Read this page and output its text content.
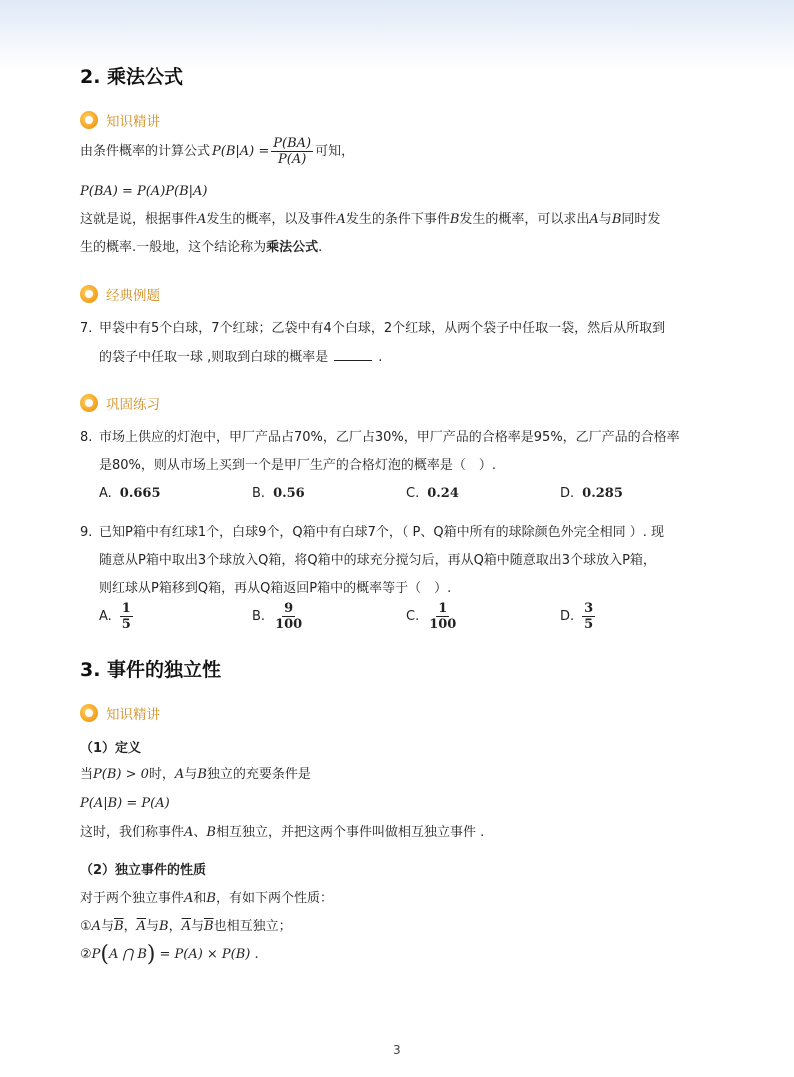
2. 乘法公式
知识精讲
由条件概率的计算公式 $P(B|A) = \frac{P(BA)}{P(A)}$ 可知，
P(BA) = P(A)P(B|A)
这就是说，根据事件A发生的概率，以及事件A发生的条件下事件B发生的概率，可以求出A与B同时发
生的概率.一般地，这个结论称为乘法公式.
经典例题
7. 甲袋中有5个白球，7个红球；乙袋中有4个白球，2个红球，从两个袋子中任取一袋，然后从所取到
的袋子中任取一球 ,则取到白球的概率是	.
巩固练习
8. 市场上供应的灯泡中，甲厂产品占70%，乙厂占30%，甲厂产品的合格率是95%，乙厂产品的合格率
是80%，则从市场上买到一个是甲厂生产的合格灯泡的概率是（　）.
A. 0.665	B. 0.56	C. 0.24	D. 0.285
9. 已知P箱中有红球1个，白球9个，Q箱中有白球7个，（ P、Q箱中所有的球除颜色外完全相同 ）. 现
随意从P箱中取出3个球放入Q箱，将Q箱中的球充分搅匀后，再从Q箱中随意取出3个球放入P箱，
则红球从P箱移到Q箱，再从Q箱返回P箱中的概率等于（　）.
A. $\frac{1}{5}$	B. $\frac{9}{100}$	C. $\frac{1}{100}$	D. $\frac{3}{5}$
3. 事件的独立性
知识精讲
（1）定义
当P(B) > 0时，A与B独立的充要条件是
P(A|B) = P(A)
这时，我们称事件A、B相互独立，并把这两个事件叫做相互独立事件 .
（2）独立事件的性质
对于两个独立事件A和B，有如下两个性质：
①A与$\overline{B}$，$\overline{A}$与B，$\overline{A}$与$\overline{B}$也相互独立；
② P ( A ⋂ B ) = P(A) × P(B) .
3
